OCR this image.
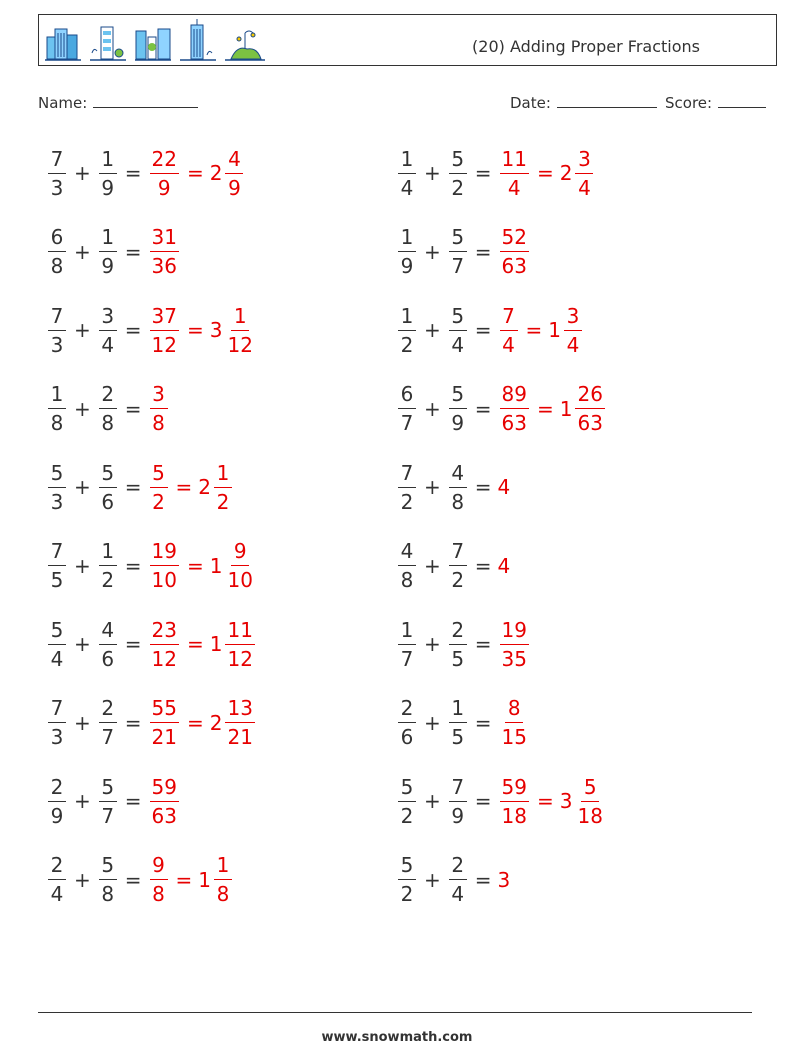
(20) Adding Proper Fractions
Name:	Date:	Score:
$\frac{7}{3} + \frac{1}{9} = \frac{22}{9} = 2 \frac{4}{9}$	$\frac{1}{4} + \frac{5}{2} = \frac{11}{4} = 2 \frac{3}{4}$
$\frac{6}{8} + \frac{1}{9} = \frac{31}{36}$	$\frac{1}{9} + \frac{5}{7} = \frac{52}{63}$
$\frac{7}{3} + \frac{3}{4} = \frac{37}{12} = 3 \frac{1}{12}$	$\frac{1}{2} + \frac{5}{4} = \frac{7}{4} = 1 \frac{3}{4}$
$\frac{1}{8} + \frac{2}{8} = \frac{3}{8}$	$\frac{6}{7} + \frac{5}{9} = \frac{89}{63} = 1 \frac{26}{63}$
$\frac{5}{3} + \frac{5}{6} = \frac{5}{2} = 2 \frac{1}{2}$	$\frac{7}{2} + \frac{4}{8} = 4$
$\frac{7}{5} + \frac{1}{2} = \frac{19}{10} = 1 \frac{9}{10}$	$\frac{4}{8} + \frac{7}{2} = 4$
$\frac{5}{4} + \frac{4}{6} = \frac{23}{12} = 1 \frac{11}{12}$	$\frac{1}{7} + \frac{2}{5} = \frac{19}{35}$
$\frac{7}{3} + \frac{2}{7} = \frac{55}{21} = 2 \frac{13}{21}$	$\frac{2}{6} + \frac{1}{5} = \frac{8}{15}$
$\frac{2}{9} + \frac{5}{7} = \frac{59}{63}$	$\frac{5}{2} + \frac{7}{9} = \frac{59}{18} = 3 \frac{5}{18}$
$\frac{2}{4} + \frac{5}{8} = \frac{9}{8} = 1 \frac{1}{8}$	$\frac{5}{2} + \frac{2}{4} = 3$
www.snowmath.com
